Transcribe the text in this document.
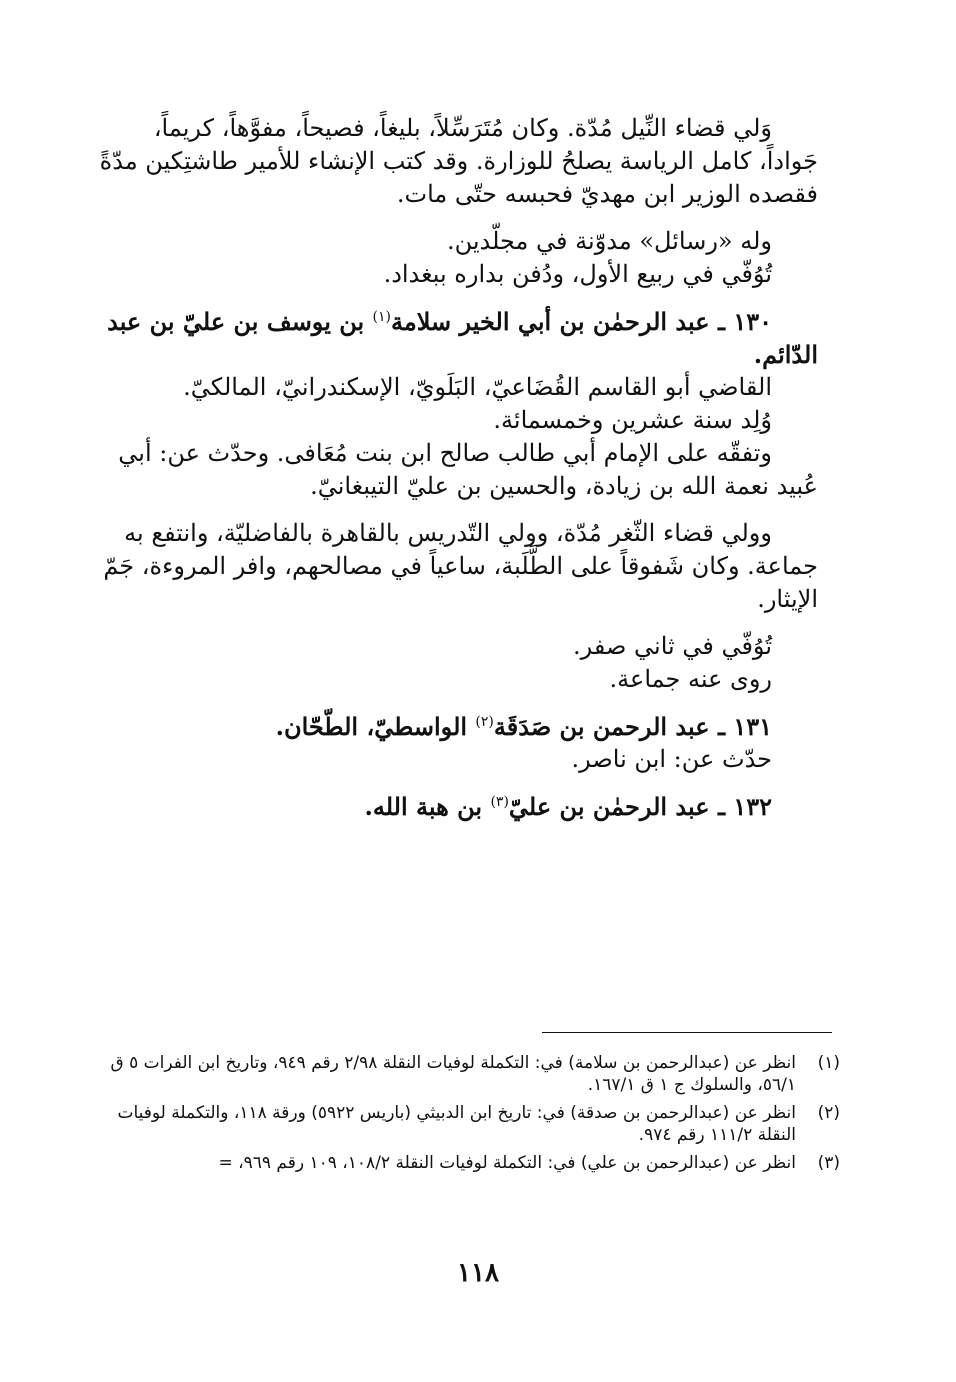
وَلي قضاء النِّيل مُدّة. وكان مُتَرَسِّلاً، بليغاً، فصيحاً، مفوَّهاً، كريماً،
جَواداً، كامل الرياسة يصلحُ للوزارة. وقد كتب الإنشاء للأمير طاشتِكين مدّةً
فقصده الوزير ابن مهديّ فحبسه حتّى مات.
وله «رسائل» مدوّنة في مجلّدين.
تُوُفّي في ربيع الأول، ودُفن بداره ببغداد.
١٣٠ ـ عبد الرحمٰن بن أبي الخير سلامة$^{(١)}$ بن يوسف بن عليّ بن عبد
الدّائم.
القاضي أبو القاسم القُضَاعيّ، البَلَويّ، الإسكندرانيّ، المالكيّ.
وُلِد سنة عشرين وخمسمائة.
وتفقّه على الإمام أبي طالب صالح ابن بنت مُعَافى. وحدّث عن: أبي
عُبيد نعمة الله بن زيادة، والحسين بن عليّ التيبغانيّ.
وولي قضاء الثّغر مُدّة، وولي التّدريس بالقاهرة بالفاضليّة، وانتفع به
جماعة. وكان شَفوقاً على الطَّلَبة، ساعياً في مصالحهم، وافر المروءة، جَمّ
الإيثار.
تُوُفّي في ثاني صفر.
روى عنه جماعة.
١٣١ ـ عبد الرحمن بن صَدَقَة$^{(٢)}$ الواسطيّ، الطّحّان.
حدّث عن: ابن ناصر.
١٣٢ ـ عبد الرحمٰن بن عليّ$^{(٣)}$ بن هبة الله.
(١)
انظر عن (عبدالرحمن بن سلامة) في: التكملة لوفيات النقلة ٢/٩٨ رقم ٩٤٩، وتاريخ ابن الفرات ٥ ق ٥٦/١، والسلوك ج ١ ق ١٦٧/١.
(٢)
انظر عن (عبدالرحمن بن صدقة) في: تاريخ ابن الدبيثي (باريس ٥٩٢٢) ورقة ١١٨، والتكملة لوفيات النقلة ١١١/٢ رقم ٩٧٤.
(٣)
انظر عن (عبدالرحمن بن علي) في: التكملة لوفيات النقلة ١٠٨/٢، ١٠٩ رقم ٩٦٩، =
١١٨
